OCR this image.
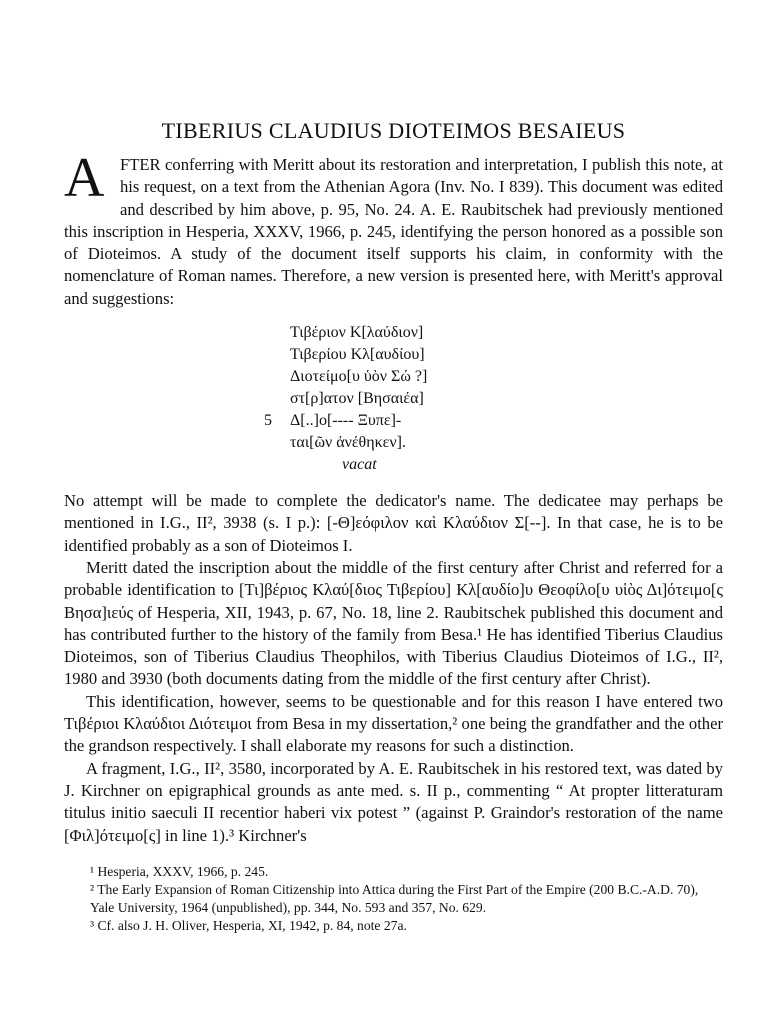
TIBERIUS CLAUDIUS DIOTEIMOS BESAIEUS

AFTER conferring with Meritt about its restoration and interpretation, I publish this note, at his request, on a text from the Athenian Agora (Inv. No. I 839). This document was edited and described by him above, p. 95, No. 24. A. E. Raubitschek had previously mentioned this inscription in Hesperia, XXXV, 1966, p. 245, identifying the person honored as a possible son of Dioteimos. A study of the document itself supports his claim, in conformity with the nomenclature of Roman names. Therefore, a new version is presented here, with Meritt's approval and suggestions:

Τιβέριον Κ[λαύδιον]
Τιβερίου Κλ[αυδίου]
Διοτείμο[υ ὑὸν Σώ ?]
στ[ρ]ατον [Βησαιέα]
5 Δ[..]ο[---- Ξυπε]-
ται[ῶν ἀνέθηκεν].
vacat

No attempt will be made to complete the dedicator's name. The dedicatee may perhaps be mentioned in I.G., II², 3938 (s. I p.): [-Θ]εόφιλον καὶ Κλαύδιον Σ[--]. In that case, he is to be identified probably as a son of Dioteimos I.

Meritt dated the inscription about the middle of the first century after Christ and referred for a probable identification to [Τι]βέριος Κλαύ[διος Τιβερίου] Κλ[αυδίο]υ Θεοφίλο[υ υἱὸς Δι]ότειμο[ς Βησα]ιεύς of Hesperia, XII, 1943, p. 67, No. 18, line 2. Raubitschek published this document and has contributed further to the history of the family from Besa.¹ He has identified Tiberius Claudius Dioteimos, son of Tiberius Claudius Theophilos, with Tiberius Claudius Dioteimos of I.G., II², 1980 and 3930 (both documents dating from the middle of the first century after Christ).

This identification, however, seems to be questionable and for this reason I have entered two Τιβέριοι Κλαύδιοι Διότειμοι from Besa in my dissertation,² one being the grandfather and the other the grandson respectively. I shall elaborate my reasons for such a distinction.

A fragment, I.G., II², 3580, incorporated by A. E. Raubitschek in his restored text, was dated by J. Kirchner on epigraphical grounds as ante med. s. II p., commenting “ At propter litteraturam titulus initio saeculi II recentior haberi vix potest ” (against P. Graindor's restoration of the name [Φιλ]ότειμο[ς] in line 1).³ Kirchner's

¹ Hesperia, XXXV, 1966, p. 245.
² The Early Expansion of Roman Citizenship into Attica during the First Part of the Empire (200 B.C.-A.D. 70), Yale University, 1964 (unpublished), pp. 344, No. 593 and 357, No. 629.
³ Cf. also J. H. Oliver, Hesperia, XI, 1942, p. 84, note 27a.
